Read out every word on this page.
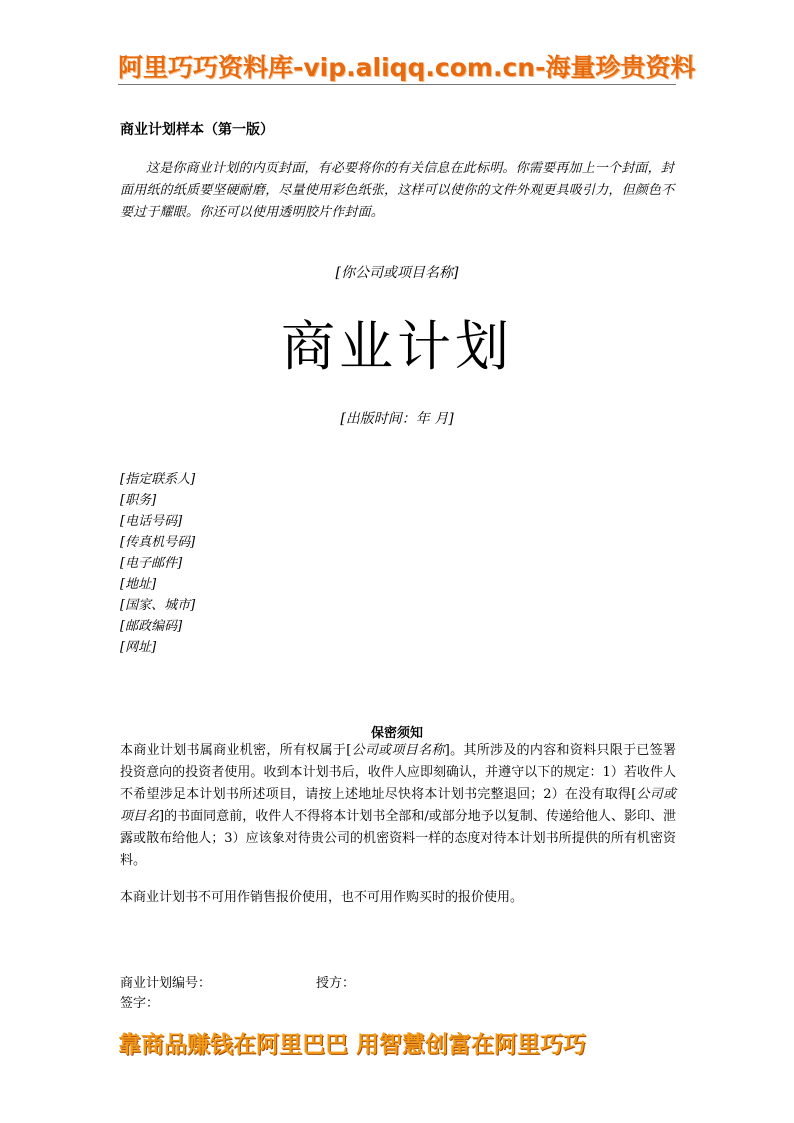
阿里巧巧资料库-vip.aliqq.com.cn-海量珍贵资料
商业计划样本（第一版）
这是你商业计划的内页封面，有必要将你的有关信息在此标明。你需要再加上一个封面，封面用纸的纸质要坚硬耐磨，尽量使用彩色纸张，这样可以使你的文件外观更具吸引力，但颜色不要过于耀眼。你还可以使用透明胶片作封面。
[你公司或项目名称]
商业计划
[出版时间：年 月]
[指定联系人]
[职务]
[电话号码]
[传真机号码]
[电子邮件]
[地址]
[国家、城市]
[邮政编码]
[网址]
保密须知
本商业计划书属商业机密，所有权属于[公司或项目名称]。其所涉及的内容和资料只限于已签署投资意向的投资者使用。收到本计划书后，收件人应即刻确认，并遵守以下的规定：1）若收件人不希望涉足本计划书所述项目，请按上述地址尽快将本计划书完整退回；2）在没有取得[公司或项目名]的书面同意前，收件人不得将本计划书全部和/或部分地予以复制、传递给他人、影印、泄露或散布给他人；3）应该象对待贵公司的机密资料一样的态度对待本计划书所提供的所有机密资料。
本商业计划书不可用作销售报价使用，也不可用作购买时的报价使用。
商业计划编号：	授方：
签字：
靠商品赚钱在阿里巴巴 用智慧创富在阿里巧巧
